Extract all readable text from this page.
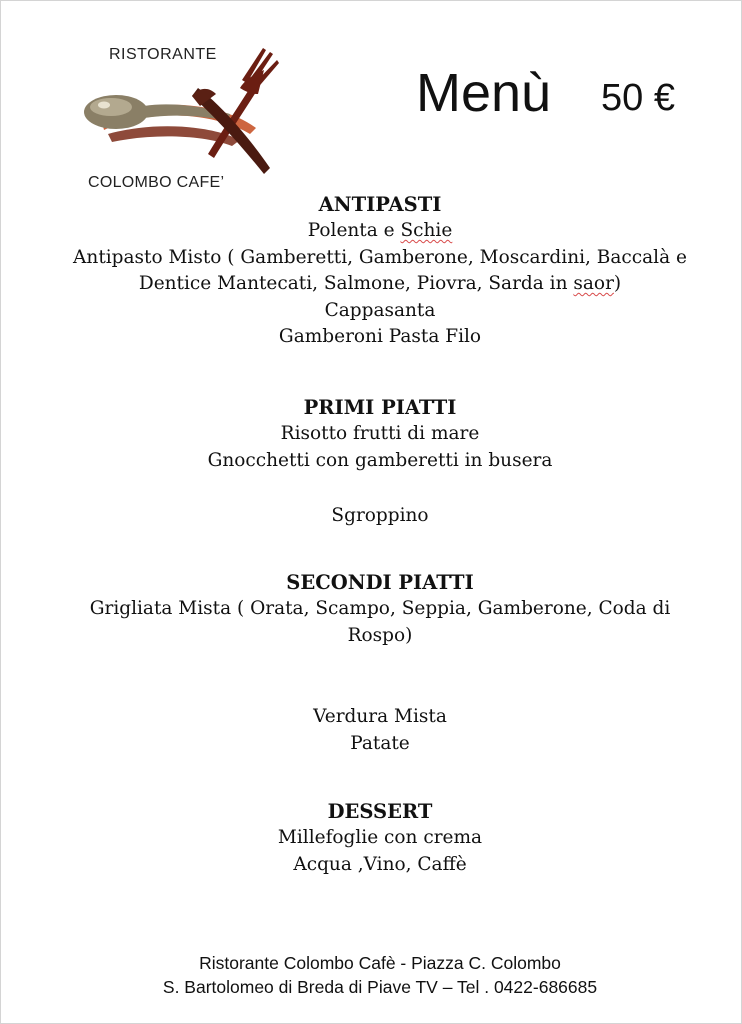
RISTORANTE
COLOMBO CAFE’
Menù 50 €
ANTIPASTI
Polenta e Schie
Antipasto Misto ( Gamberetti, Gamberone, Moscardini, Baccalà e
Dentice Mantecati, Salmone, Piovra, Sarda in saor)
Cappasanta
Gamberoni Pasta Filo
PRIMI PIATTI
Risotto frutti di mare
Gnocchetti con gamberetti in busera
Sgroppino
SECONDI PIATTI
Grigliata Mista ( Orata, Scampo, Seppia, Gamberone, Coda di
Rospo)
Verdura Mista
Patate
DESSERT
Millefoglie con crema
Acqua ,Vino, Caffè
Ristorante Colombo Cafè - Piazza C. Colombo
S. Bartolomeo di Breda di Piave TV – Tel . 0422-686685
